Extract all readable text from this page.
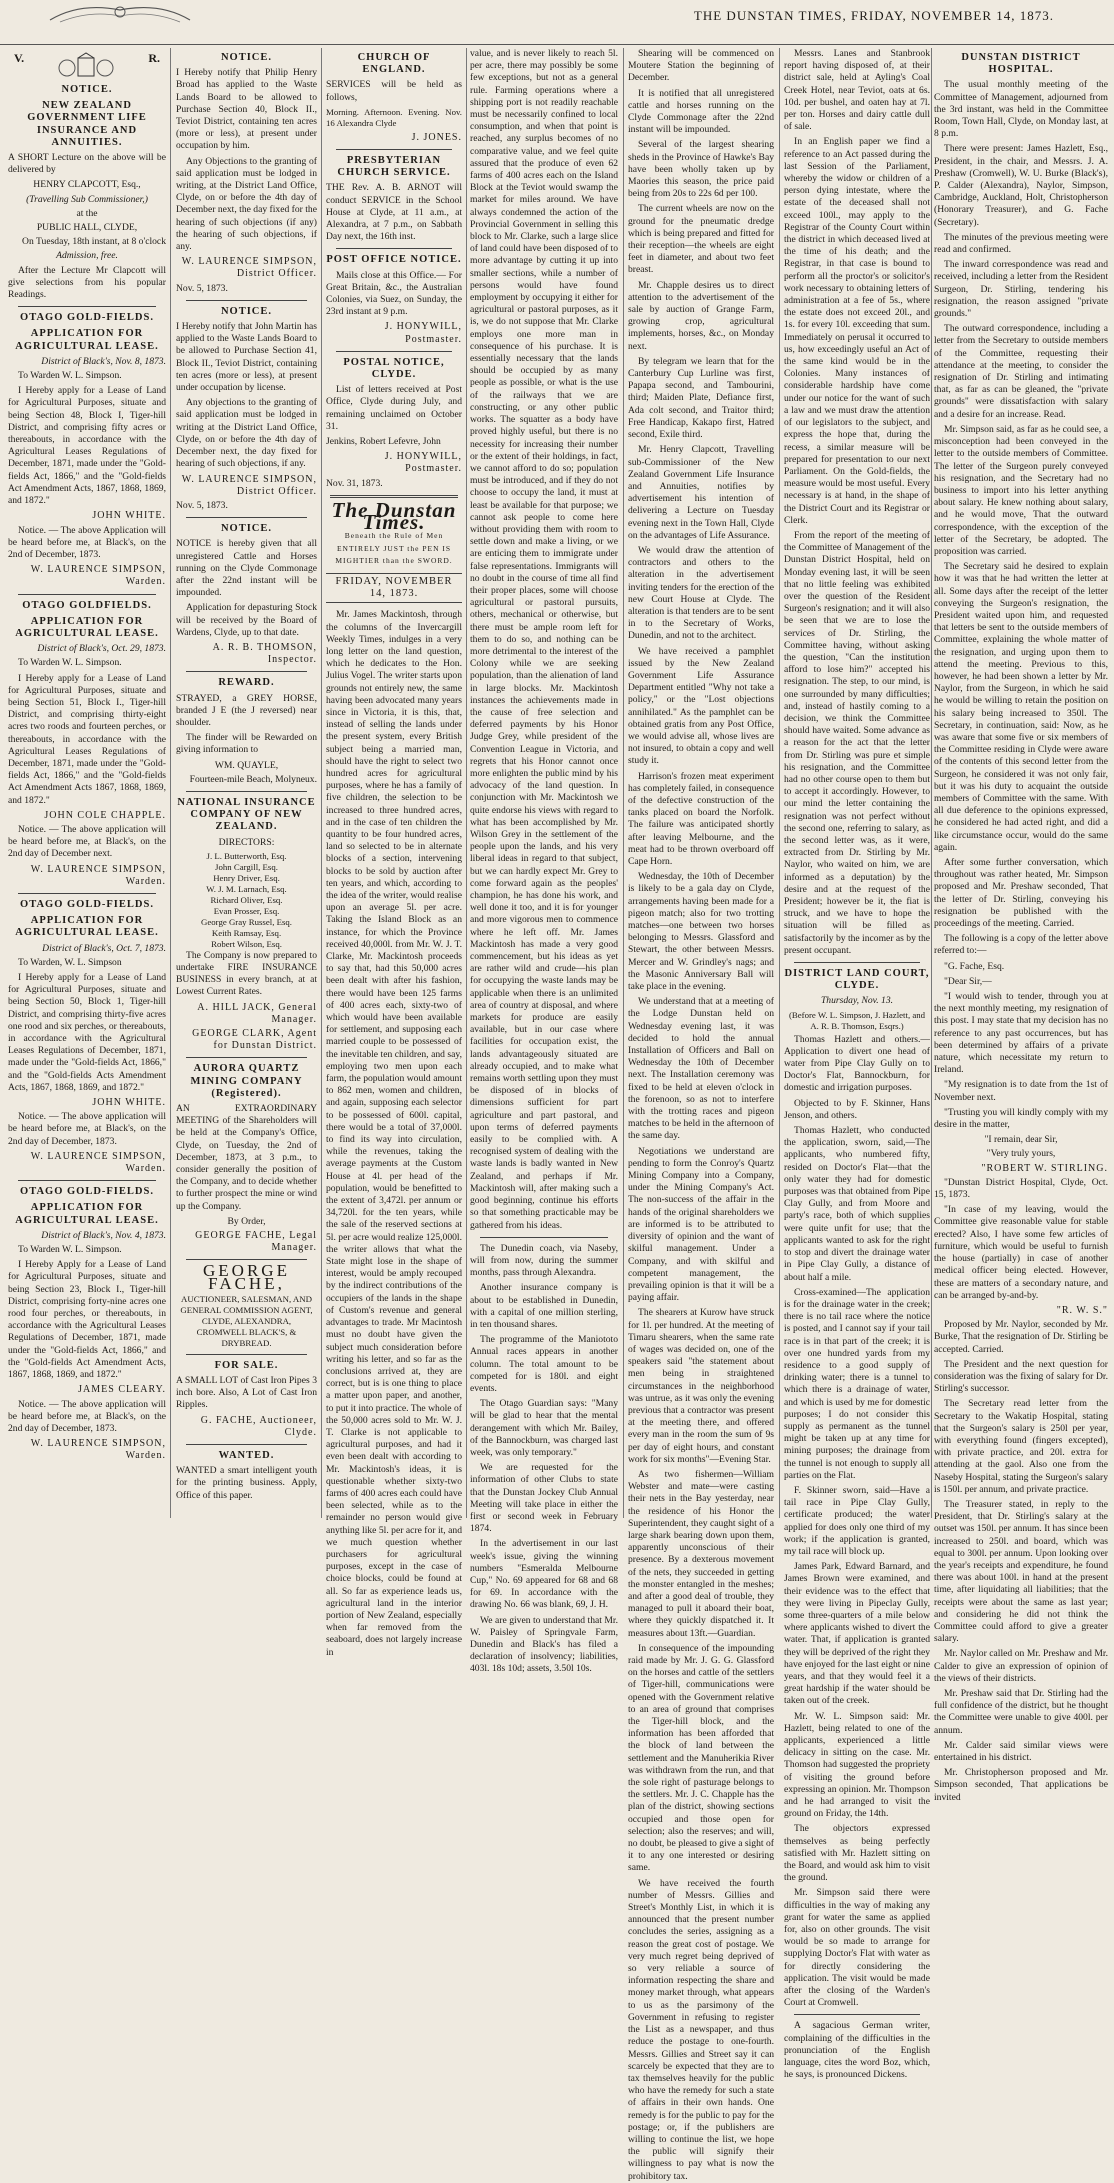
THE DUNSTAN TIMES, FRIDAY, NOVEMBER 14, 1873.
V.	R.
NOTICE.
NEW ZEALAND GOVERNMENT LIFE INSURANCE AND ANNUITIES.

A SHORT Lecture on the above will be delivered by

HENRY CLAPCOTT, Esq.,
(Travelling Sub Commissioner,)
at the
PUBLIC HALL, CLYDE,
On Tuesday, 18th instant, at 8 o'clock
Admission, free.

After the Lecture Mr Clapcott will give selections from his popular Readings.

OTAGO GOLD-FIELDS.
APPLICATION FOR AGRICULTURAL LEASE.
District of Black's, Nov. 8, 1873.

To Warden W. L. Simpson.

I Hereby apply for a Lease of Land for Agricultural Purposes, situate and being Section 48, Block I, Tiger-hill District, and comprising fifty acres or thereabouts, in accordance with the Agricultural Leases Regulations of December, 1871, made under the "Gold-fields Act, 1866," and the "Gold-fields Act Amendment Acts, 1867, 1868, 1869, and 1872."

JOHN WHITE.

Notice. — The above Application will be heard before me, at Black's, on the 2nd of December, 1873.

W. LAURENCE SIMPSON, Warden.
OTAGO GOLDFIELDS.
APPLICATION FOR AGRICULTURAL LEASE.
District of Black's, Oct. 29, 1873.

To Warden W. L. Simpson.

I Hereby apply for a Lease of Land for Agricultural Purposes, situate and being Section 51, Block I., Tiger-hill District, and comprising thirty-eight acres two roods and fourteen perches, or thereabouts, in accordance with the Agricultural Leases Regulations of December, 1871, made under the "Gold-fields Act, 1866," and the "Gold-fields Act Amendment Acts 1867, 1868, 1869, and 1872."

JOHN COLE CHAPPLE.

Notice. — The above application will be heard before me, at Black's, on the 2nd day of December next.

W. LAURENCE SIMPSON, Warden.
OTAGO GOLD-FIELDS.
APPLICATION FOR AGRICULTURAL LEASE.
District of Black's, Oct. 7, 1873.

To Warden, W. L. Simpson

I Hereby apply for a Lease of Land for Agricultural Purposes, situate and being Section 50, Block 1, Tiger-hill District, and comprising thirty-five acres one rood and six perches, or thereabouts, in accordance with the Agricultural Leases Regulations of December, 1871, made under the "Gold-fields Act, 1866," and the "Gold-fields Acts Amendment Acts, 1867, 1868, 1869, and 1872."

JOHN WHITE.

Notice. — The above application will be heard before me, at Black's, on the 2nd day of December, 1873.

W. LAURENCE SIMPSON, Warden.
OTAGO GOLD-FIELDS.
APPLICATION FOR AGRICULTURAL LEASE.
District of Black's, Nov. 4, 1873.

To Warden W. L. Simpson.

I Hereby Apply for a Lease of Land for Agricultural Purposes, situate and being Section 23, Block I., Tiger-hill District, comprising forty-nine acres one rood four perches, or thereabouts, in accordance with the Agricultural Leases Regulations of December, 1871, made under the "Gold-fields Act, 1866," and the "Gold-fields Act Amendment Acts, 1867, 1868, 1869, and 1872."

JAMES CLEARY.

Notice. — The above application will be heard before me, at Black's, on the 2nd day of December, 1873.

W. LAURENCE SIMPSON, Warden.
NOTICE.

I Hereby notify that Philip Henry Broad has applied to the Waste Lands Board to be allowed to Purchase Section 40, Block II., Teviot District, containing ten acres (more or less), at present under occupation by him.

Any Objections to the granting of said application must be lodged in writing, at the District Land Office, Clyde, on or before the 4th day of December next, the day fixed for the hearing of such objections (if any) the hearing of such objections, if any.

W. LAURENCE SIMPSON, District Officer.

Nov. 5, 1873.

NOTICE.

I Hereby notify that John Martin has applied to the Waste Lands Board to be allowed to Purchase Section 41, Block II., Teviot District, containing ten acres (more or less), at present under occupation by license.

Any objections to the granting of said application must be lodged in writing at the District Land Office, Clyde, on or before the 4th day of December next, the day fixed for hearing of such objections, if any.

W. LAURENCE SIMPSON, District Officer.

Nov. 5, 1873.

NOTICE.

NOTICE is hereby given that all unregistered Cattle and Horses running on the Clyde Commonage after the 22nd instant will be impounded.

Application for depasturing Stock will be received by the Board of Wardens, Clyde, up to that date.

A. R. B. THOMSON, Inspector.
REWARD.

STRAYED, a GREY HORSE, branded J E (the J reversed) near shoulder.

The finder will be Rewarded on giving information to

WM. QUAYLE,
Fourteen-mile Beach, Molyneux.
NATIONAL INSURANCE COMPANY OF NEW ZEALAND.
DIRECTORS:

J. L. Butterworth, Esq.

John Cargill, Esq.

Henry Driver, Esq.

W. J. M. Larnach, Esq.

Richard Oliver, Esq.

Evan Prosser, Esq.

George Gray Russel, Esq.

Keith Ramsay, Esq.

Robert Wilson, Esq.

The Company is now prepared to undertake FIRE INSURANCE BUSINESS in every branch, at at Lowest Current Rates.

A. HILL JACK, General Manager.
GEORGE CLARK, Agent for Dunstan District.
AURORA QUARTZ MINING COMPANY (Registered).

AN EXTRAORDINARY MEETING of the Shareholders will be held at the Company's Office, Clyde, on Tuesday, the 2nd of December, 1873, at 3 p.m., to consider generally the position of the Company, and to decide whether to further prospect the mine or wind up the Company.

By Order,
GEORGE FACHE, Legal Manager.
GEORGE FACHE,

AUCTIONEER, SALESMAN, AND GENERAL COMMISSION AGENT, CLYDE, ALEXANDRA, CROMWELL BLACK'S, & DRYBREAD.

FOR SALE.

A SMALL LOT of Cast Iron Pipes 3 inch bore. Also, A Lot of Cast Iron Ripples.

G. FACHE, Auctioneer, Clyde.
WANTED.

WANTED a smart intelligent youth for the printing business. Apply, Office of this paper.

CHURCH OF ENGLAND.

SERVICES will be held as follows,

Morning. Afternoon. Evening. Nov. 16 Alexandra Clyde

J. JONES.
PRESBYTERIAN CHURCH SERVICE.

THE Rev. A. B. ARNOT will conduct SERVICE in the School House at Clyde, at 11 a.m., at Alexandra, at 7 p.m., on Sabbath Day next, the 16th inst.

POST OFFICE NOTICE.

Mails close at this Office.— For Great Britain, &c., the Australian Colonies, via Suez, on Sunday, the 23rd instant at 9 p.m.

J. HONYWILL, Postmaster.
POSTAL NOTICE, CLYDE.

List of letters received at Post Office, Clyde during July, and remaining unclaimed on October 31.

Jenkins, Robert Lefevre, John

J. HONYWILL, Postmaster.

Nov. 31, 1873.

The Dunstan Times.
Beneath the Rule of Men ENTIRELY JUST the PEN IS MIGHTIER than the SWORD.
FRIDAY, NOVEMBER 14, 1873.

Mr. James Mackintosh, through the columns of the Invercargill Weekly Times, indulges in a very long letter on the land question, which he dedicates to the Hon. Julius Vogel. The writer starts upon grounds not entirely new, the same having been advocated many years since in Victoria, it is this, that, instead of selling the lands under the present system, every British subject being a married man, should have the right to select two hundred acres for agricultural purposes, where he has a family of five children, the selection to be increased to three hundred acres, and in the case of ten children the quantity to be four hundred acres, land so selected to be in alternate blocks of a section, intervening blocks to be sold by auction after ten years, and which, according to the idea of the writer, would realise upon an average 5l. per acre. Taking the Island Block as an instance, for which the Province received 40,000l. from Mr. W. J. T. Clarke, Mr. Mackintosh proceeds to say that, had this 50,000 acres been dealt with after his fashion, there would have been 125 farms of 400 acres each, sixty-two of which would have been available for settlement, and supposing each married couple to be possessed of the inevitable ten children, and say, employing two men upon each farm, the population would amount to 862 men, women and children, and again, supposing each selector to be possessed of 600l. capital, there would be a total of 37,000l. to find its way into circulation, while the revenues, taking the average payments at the Custom House at 4l. per head of the population, would be benefitted to the extent of 3,472l. per annum or 34,720l. for the ten years, while the sale of the reserved sections at 5l. per acre would realize 125,000l. the writer allows that what the State might lose in the shape of interest, would be amply recouped by the indirect contributions of the occupiers of the lands in the shape of Custom's revenue and general advantages to trade. Mr Macintosh must no doubt have given the subject much consideration before writing his letter, and so far as the conclusions arrived at, they are correct, but is is one thing to place a matter upon paper, and another, to put it into practice. The whole of the 50,000 acres sold to Mr. W. J. T. Clarke is not applicable to agricultural purposes, and had it even been dealt with according to Mr. Mackintosh's ideas, it is questionable whether sixty-two farms of 400 acres each could have been selected, while as to the remainder no person would give anything like 5l. per acre for it, and we much question whether purchasers for agricultural purposes, except in the case of choice blocks, could be found at all. So far as experience leads us, agricultural land in the interior portion of New Zealand, especially when far removed from the seaboard, does not largely increase in

value, and is never likely to reach 5l. per acre, there may possibly be some few exceptions, but not as a general rule. Farming operations where a shipping port is not readily reachable must be necessarily confined to local consumption, and when that point is reached, any surplus becomes of no comparative value, and we feel quite assured that the produce of even 62 farms of 400 acres each on the Island Block at the Teviot would swamp the market for miles around. We have always condemned the action of the Provincial Government in selling this block to Mr. Clarke, such a large slice of land could have been disposed of to more advantage by cutting it up into smaller sections, while a number of persons would have found employment by occupying it either for agricultural or pastoral purposes, as it is, we do not suppose that Mr. Clarke employs one more man in consequence of his purchase. It is essentially necessary that the lands should be occupied by as many people as possible, or what is the use of the railways that we are constructing, or any other public works. The squatter as a body have proved highly useful, but there is no necessity for increasing their number or the extent of their holdings, in fact, we cannot afford to do so; population must be introduced, and if they do not choose to occupy the land, it must at least be available for that purpose; we cannot ask people to come here without providing them with room to settle down and make a living, or we are enticing them to immigrate under false representations. Immigrants will no doubt in the course of time all find their proper places, some will choose agricultural or pastoral pursuits, others, mechanical or otherwise, but there must be ample room left for them to do so, and nothing can be more detrimental to the interest of the Colony while we are seeking population, than the alienation of land in large blocks. Mr. Mackintosh instances the achievements made in the cause of free selection and deferred payments by his Honor Judge Grey, while president of the Convention League in Victoria, and regrets that his Honor cannot once more enlighten the public mind by his advocacy of the land question. In conjunction with Mr. Mackintosh we quite endorse his views with regard to what has been accomplished by Mr. Wilson Grey in the settlement of the people upon the lands, and his very liberal ideas in regard to that subject, but we can hardly expect Mr. Grey to come forward again as the peoples' champion, he has done his work, and well done it too, and it is for younger and more vigorous men to commence where he left off. Mr. James Mackintosh has made a very good commencement, but his ideas as yet are rather wild and crude—his plan for occupying the waste lands may be applicable when there is an unlimited area of country at disposal, and where markets for produce are easily available, but in our case where facilities for occupation exist, the lands advantageously situated are already occupied, and to make what remains worth settling upon they must be disposed of in blocks of dimensions sufficient for part agriculture and part pastoral, and upon terms of deferred payments easily to be complied with. A recognised system of dealing with the waste lands is badly wanted in New Zealand, and perhaps if Mr. Mackintosh will, after making such a good beginning, continue his efforts so that something practicable may be gathered from his ideas.

The Dunedin coach, via Naseby, will from now, during the summer months, pass through Alexandra.

Another insurance company is about to be established in Dunedin, with a capital of one million sterling, in ten thousand shares.

The programme of the Maniototo Annual races appears in another column. The total amount to be competed for is 180l. and eight events.

The Otago Guardian says: "Many will be glad to hear that the mental derangement with which Mr. Bailey, of the Bannockburn, was charged last week, was only temporary."

We are requested for the information of other Clubs to state that the Dunstan Jockey Club Annual Meeting will take place in either the first or second week in February 1874.

In the advertisement in our last week's issue, giving the winning numbers "Esmeralda Melbourne Cup," No. 69 appeared for 68 and 68 for 69. In accordance with the drawing No. 66 was blank, 69, J. H.

We are given to understand that Mr. W. Paisley of Springvale Farm, Dunedin and Black's has filed a declaration of insolvency; liabilities, 403l. 18s 10d; assets, 3.50l 10s.

Shearing will be commenced on Moutere Station the beginning of December.

It is notified that all unregistered cattle and horses running on the Clyde Commonage after the 22nd instant will be impounded.

Several of the largest shearing sheds in the Province of Hawke's Bay have been wholly taken up by Maories this season, the price paid being from 20s to 22s 6d per 100.

The current wheels are now on the ground for the pneumatic dredge which is being prepared and fitted for their reception—the wheels are eight feet in diameter, and about two feet breast.

Mr. Chapple desires us to direct attention to the advertisement of the sale by auction of Grange Farm, growing crop, agricultural implements, horses, &c., on Monday next.

By telegram we learn that for the Canterbury Cup Lurline was first, Papapa second, and Tambourini, third; Maiden Plate, Defiance first, Ada colt second, and Traitor third; Free Handicap, Kakapo first, Hatred second, Exile third.

Mr. Henry Clapcott, Travelling sub-Commissioner of the New Zealand Government Life Insurance and Annuities, notifies by advertisement his intention of delivering a Lecture on Tuesday evening next in the Town Hall, Clyde on the advantages of Life Assurance.

We would draw the attention of contractors and others to the alteration in the advertisement inviting tenders for the erection of the new Court House at Clyde. The alteration is that tenders are to be sent in to the Secretary of Works, Dunedin, and not to the architect.

We have received a pamphlet issued by the New Zealand Government Life Assurance Department entitled "Why not take a policy," or the "Lost objections annihilated." As the pamphlet can be obtained gratis from any Post Office, we would advise all, whose lives are not insured, to obtain a copy and well study it.

Harrison's frozen meat experiment has completely failed, in consequence of the defective construction of the tanks placed on board the Norfolk. The failure was anticipated shortly after leaving Melbourne, and the meat had to be thrown overboard off Cape Horn.

Wednesday, the 10th of December is likely to be a gala day on Clyde, arrangements having been made for a pigeon match; also for two trotting matches—one between two horses belonging to Messrs. Glassford and Stewart, the other between Messrs. Mercer and W. Grindley's nags; and the Masonic Anniversary Ball will take place in the evening.

We understand that at a meeting of the Lodge Dunstan held on Wednesday evening last, it was decided to hold the annual Installation of Officers and Ball on Wednesday the 10th of December next. The Installation ceremony was fixed to be held at eleven o'clock in the forenoon, so as not to interfere with the trotting races and pigeon matches to be held in the afternoon of the same day.

Negotiations we understand are pending to form the Conroy's Quartz Mining Company into a Company, under the Mining Company's Act. The non-success of the affair in the hands of the original shareholders we are informed is to be attributed to diversity of opinion and the want of skilful management. Under a Company, and with skilful and competent management, the prevailing opinion is that it will be a paying affair.

The shearers at Kurow have struck for 1l. per hundred. At the meeting of Timaru shearers, when the same rate of wages was decided on, one of the speakers said "the statement about men being in straightened circumstances in the neighborhood was untrue, as it was only the evening previous that a contractor was present at the meeting there, and offered every man in the room the sum of 9s per day of eight hours, and constant work for six months"—Evening Star.

As two fishermen—William Webster and mate—were casting their nets in the Bay yesterday, near the residence of his Honor the Superintendent, they caught sight of a large shark bearing down upon them, apparently unconscious of their presence. By a dexterous movement of the nets, they succeeded in getting the monster entangled in the meshes; and after a good deal of trouble, they managed to pull it aboard their boat, where they quickly dispatched it. It measures about 13ft.—Guardian.

In consequence of the impounding raid made by Mr. J. G. G. Glassford on the horses and cattle of the settlers of Tiger-hill, communications were opened with the Government relative to an area of ground that comprises the Tiger-hill block, and the information has been afforded that the block of land between the settlement and the Manuherikia River was withdrawn from the run, and that the sole right of pasturage belongs to the settlers. Mr. J. C. Chapple has the plan of the district, showing sections occupied and those open for selection; also the reserves; and will, no doubt, be pleased to give a sight of it to any one interested or desiring same.

We have received the fourth number of Messrs. Gillies and Street's Monthly List, in which it is announced that the present number concludes the series, assigning as a reason the great cost of postage. We very much regret being deprived of so very reliable a source of information respecting the share and money market through, what appears to us as the parsimony of the Government in refusing to register the List as a newspaper, and thus reduce the postage to one-fourth. Messrs. Gillies and Street say it can scarcely be expected that they are to tax themselves heavily for the public who have the remedy for such a state of affairs in their own hands. One remedy is for the public to pay for the postage; or, if the publishers are willing to continue the list, we hope the public will signify their willingness to pay what is now the prohibitory tax.

Messrs. Lanes and Stanbrook report having disposed of, at their district sale, held at Ayling's Coal Creek Hotel, near Teviot, oats at 6s. 10d. per bushel, and oaten hay at 7l. per ton. Horses and dairy cattle dull of sale.

In an English paper we find a reference to an Act passed during the last Session of the Parliament, whereby the widow or children of a person dying intestate, where the estate of the deceased shall not exceed 100l., may apply to the Registrar of the County Court within the district in which deceased lived at the time of his death; and the Registrar, in that case is bound to perform all the proctor's or solicitor's work necessary to obtaining letters of administration at a fee of 5s., where the estate does not exceed 20l., and 1s. for every 10l. exceeding that sum. Immediately on perusal it occurred to us, how exceedingly useful an Act of the same kind would be in the Colonies. Many instances of considerable hardship have come under our notice for the want of such a law and we must draw the attention of our legislators to the subject, and express the hope that, during the recess, a similar measure will be prepared for presentation to our next Parliament. On the Gold-fields, the measure would be most useful. Every necessary is at hand, in the shape of the District Court and its Registrar or Clerk.

From the report of the meeting of the Committee of Management of the Dunstan District Hospital, held on Monday evening last, it will be seen that no little feeling was exhibited over the question of the Resident Surgeon's resignation; and it will also be seen that we are to lose the services of Dr. Stirling, the Committee having, without asking the question, "Can the institution afford to lose him?" accepted his resignation. The step, to our mind, is one surrounded by many difficulties; and, instead of hastily coming to a decision, we think the Committee should have waited. Some advance as a reason for the act that the letter from Dr. Stirling was pure et simple his resignation, and the Committee had no other course open to them but to accept it accordingly. However, to our mind the letter containing the resignation was not perfect without the second one, referring to salary, as the second letter was, as it were, extracted from Dr. Stirling by Mr. Naylor, who waited on him, we are informed as a deputation) by the desire and at the request of the President; however be it, the fiat is struck, and we have to hope the situation will be filled as satisfactorily by the incomer as by the present occupant.

DISTRICT LAND COURT, CLYDE.
Thursday, Nov. 13.
(Before W. L. Simpson, J. Hazlett, and A. R. B. Thomson, Esqrs.)

Thomas Hazlett and others.—Application to divert one head of water from Pipe Clay Gully on to Doctor's Flat, Bannockburn, for domestic and irrigation purposes.

Objected to by F. Skinner, Hans Jenson, and others.

Thomas Hazlett, who conducted the application, sworn, said,—The applicants, who numbered fifty, resided on Doctor's Flat—that the only water they had for domestic purposes was that obtained from Pipe Clay Gully, and from Moore and party's race, both of which supplies were quite unfit for use; that the applicants wanted to ask for the right to stop and divert the drainage water in Pipe Clay Gully, a distance of about half a mile.

Cross-examined—The application is for the drainage water in the creek; there is no tail race where the notice is posted, and I cannot say if your tail race is in that part of the creek; it is over one hundred yards from my residence to a good supply of drinking water; there is a tunnel to which there is a drainage of water, and which is used by me for domestic purposes; I do not consider this supply as permanent as the tunnel might be taken up at any time for mining purposes; the drainage from the tunnel is not enough to supply all parties on the Flat.

F. Skinner sworn, said—Have a tail race in Pipe Clay Gully, certificate produced; the water applied for does only one third of my work; if the application is granted, my tail race will block up.

James Park, Edward Barnard, and James Brown were examined, and their evidence was to the effect that they were living in Pipeclay Gully, some three-quarters of a mile below where applicants wished to divert the water. That, if application is granted they will be deprived of the right they have enjoyed for the last eight or nine years, and that they would feel it a great hardship if the water should be taken out of the creek.

Mr. W. L. Simpson said: Mr. Hazlett, being related to one of the applicants, experienced a little delicacy in sitting on the case. Mr. Thomson had suggested the propriety of visiting the ground before expressing an opinion. Mr. Thompson and he had arranged to visit the ground on Friday, the 14th.

The objectors expressed themselves as being perfectly satisfied with Mr. Hazlett sitting on the Board, and would ask him to visit the ground.

Mr. Simpson said there were difficulties in the way of making any grant for water the same as applied for, also on other grounds. The visit would be so made to arrange for supplying Doctor's Flat with water as for directly considering the application. The visit would be made after the closing of the Warden's Court at Cromwell.

A sagacious German writer, complaining of the difficulties in the pronunciation of the English language, cites the word Boz, which, he says, is pronounced Dickens.

DUNSTAN DISTRICT HOSPITAL.

The usual monthly meeting of the Committee of Management, adjourned from the 3rd instant, was held in the Committee Room, Town Hall, Clyde, on Monday last, at 8 p.m.

There were present: James Hazlett, Esq., President, in the chair, and Messrs. J. A. Preshaw (Cromwell), W. U. Burke (Black's), P. Calder (Alexandra), Naylor, Simpson, Cambridge, Auckland, Holt, Christopherson (Honorary Treasurer), and G. Fache (Secretary).

The minutes of the previous meeting were read and confirmed.

The inward correspondence was read and received, including a letter from the Resident Surgeon, Dr. Stirling, tendering his resignation, the reason assigned "private grounds."

The outward correspondence, including a letter from the Secretary to outside members of the Committee, requesting their attendance at the meeting, to consider the resignation of Dr. Stirling and intimating that, as far as can be gleaned, the "private grounds" were dissatisfaction with salary and a desire for an increase. Read.

Mr. Simpson said, as far as he could see, a misconception had been conveyed in the letter to the outside members of Committee. The letter of the Surgeon purely conveyed his resignation, and the Secretary had no business to import into his letter anything about salary. He knew nothing about salary, and he would move, That the outward correspondence, with the exception of the letter of the Secretary, be adopted. The proposition was carried.

The Secretary said he desired to explain how it was that he had written the letter at all. Some days after the receipt of the letter conveying the Surgeon's resignation, the President waited upon him, and requested that letters be sent to the outside members of Committee, explaining the whole matter of the resignation, and urging upon them to attend the meeting. Previous to this, however, he had been shown a letter by Mr. Naylor, from the Surgeon, in which he said he would be willing to retain the position on his salary being increased to 350l. The Secretary, in continuation, said: Now, as he was aware that some five or six members of the Committee residing in Clyde were aware of the contents of this second letter from the Surgeon, he considered it was not only fair, but it was his duty to acquaint the outside members of Committee with the same. With all due deference to the opinions expressed, he considered he had acted right, and did a like circumstance occur, would do the same again.

After some further conversation, which throughout was rather heated, Mr. Simpson proposed and Mr. Preshaw seconded, That the letter of Dr. Stirling, conveying his resignation be published with the proceedings of the meeting. Carried.

The following is a copy of the letter above referred to:—

"G. Fache, Esq.

"Dear Sir,—

"I would wish to tender, through you at the next monthly meeting, my resignation of this post. I may state that my decision has no reference to any past occurrences, but has been determined by affairs of a private nature, which necessitate my return to Ireland.

"My resignation is to date from the 1st of November next.

"Trusting you will kindly comply with my desire in the matter,

"I remain, dear Sir,
"Very truly yours,
"ROBERT W. STIRLING.

"Dunstan District Hospital, Clyde, Oct. 15, 1873.

"In case of my leaving, would the Committee give reasonable value for stable erected? Also, I have some few articles of furniture, which would be useful to furnish the house (partially) in case of another medical officer being elected. However, these are matters of a secondary nature, and can be arranged by-and-by.

"R. W. S."

Proposed by Mr. Naylor, seconded by Mr. Burke, That the resignation of Dr. Stirling be accepted. Carried.

The President and the next question for consideration was the fixing of salary for Dr. Stirling's successor.

The Secretary read letter from the Secretary to the Wakatip Hospital, stating that the Surgeon's salary is 250l per year, with everything found (fingers excepted), with private practice, and 20l. extra for attending at the gaol. Also one from the Naseby Hospital, stating the Surgeon's salary is 150l. per annum, and private practice.

The Treasurer stated, in reply to the President, that Dr. Stirling's salary at the outset was 150l. per annum. It has since been increased to 250l. and board, which was equal to 300l. per annum. Upon looking over the year's receipts and expenditure, he found there was about 100l. in hand at the present time, after liquidating all liabilities; that the receipts were about the same as last year; and considering he did not think the Committee could afford to give a greater salary.

Mr. Naylor called on Mr. Preshaw and Mr. Calder to give an expression of opinion of the views of their districts.

Mr. Preshaw said that Dr. Stirling had the full confidence of the district, but he thought the Committee were unable to give 400l. per annum.

Mr. Calder said similar views were entertained in his district.

Mr. Christopherson proposed and Mr. Simpson seconded, That applications be invited
